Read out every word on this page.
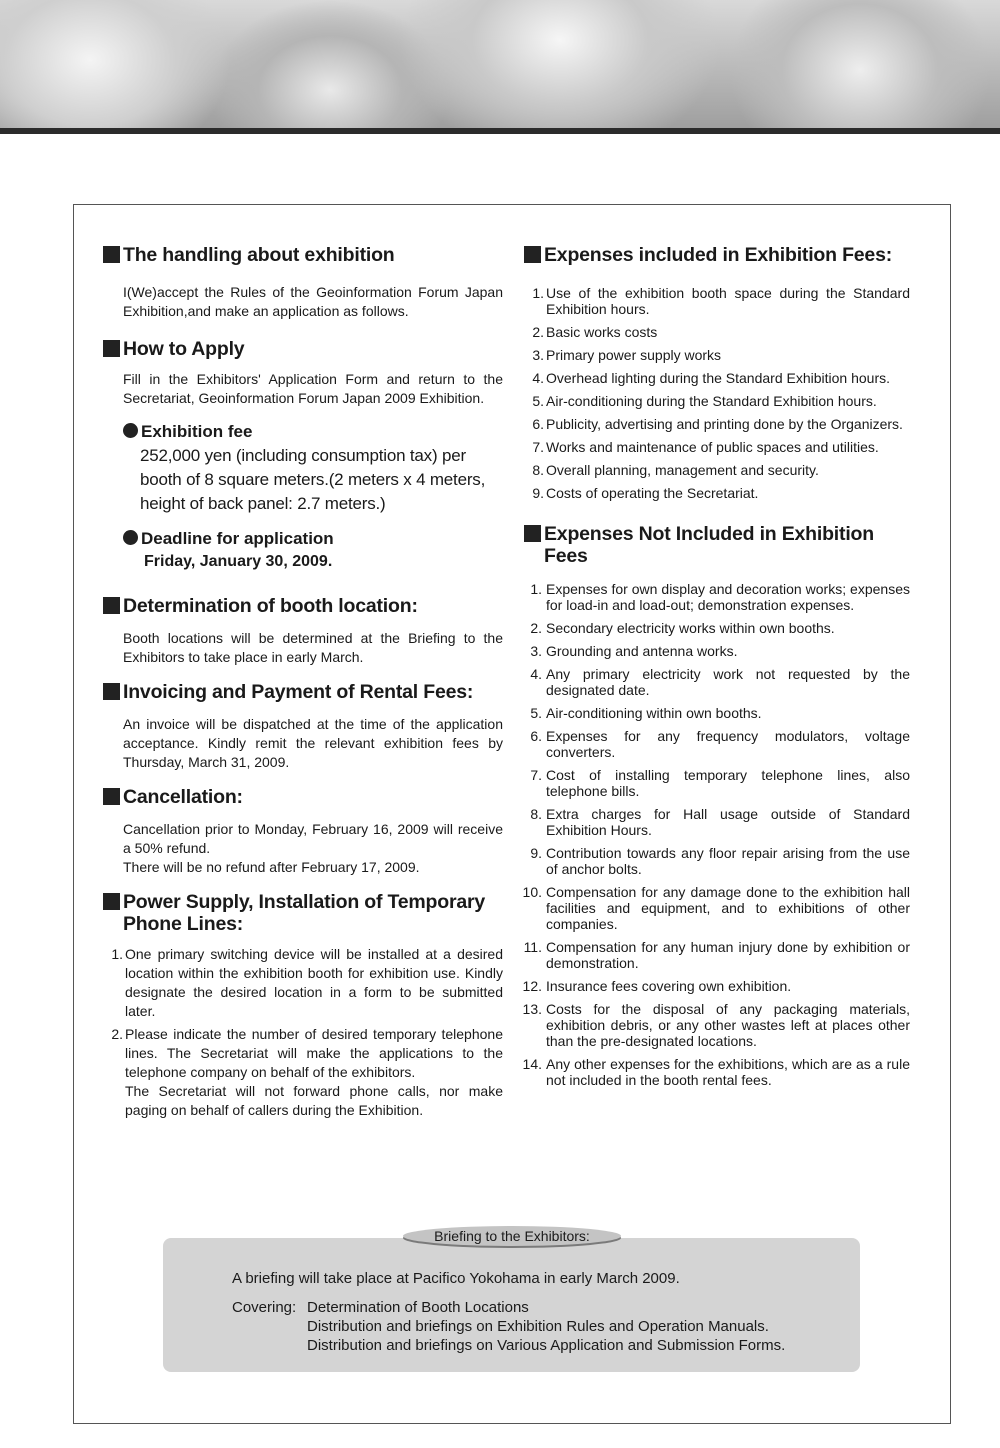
The handling about exhibition

I(We)accept the Rules of the Geoinformation Forum Japan Exhibition,and make an application as follows.

How to Apply

Fill in the Exhibitors' Application Form and return to the Secretariat, Geoinformation Forum Japan 2009 Exhibition.

Exhibition fee

252,000 yen (including consumption tax) per booth of 8 square meters.(2 meters x 4 meters, height of back panel: 2.7 meters.)

Deadline for application

Friday, January 30, 2009.

Determination of booth location:

Booth locations will be determined at the Briefing to the Exhibitors to take place in early March.

Invoicing and Payment of Rental Fees:

An invoice will be dispatched at the time of the application acceptance. Kindly remit the relevant exhibition fees by Thursday, March 31, 2009.

Cancellation:

Cancellation prior to Monday, February 16, 2009 will receive a 50% refund.

There will be no refund after February 17, 2009.

Power Supply, Installation of Temporary Phone Lines:
1. One primary switching device will be installed at a desired location within the exhibition booth for exhibition use. Kindly designate the desired location in a form to be submitted later.
2. Please indicate the number of desired temporary telephone lines. The Secretariat will make the applications to the telephone company on behalf of the exhibitors.
The Secretariat will not forward phone calls, nor make paging on behalf of callers during the Exhibition.
Expenses included in Exhibition Fees:
1. Use of the exhibition booth space during the Standard Exhibition hours.
2. Basic works costs
3. Primary power supply works
4. Overhead lighting during the Standard Exhibition hours.
5. Air-conditioning during the Standard Exhibition hours.
6. Publicity, advertising and printing done by the Organizers.
7. Works and maintenance of public spaces and utilities.
8. Overall planning, management and security.
9. Costs of operating the Secretariat.
Expenses Not Included in Exhibition Fees
1. Expenses for own display and decoration works; expenses for load-in and load-out; demonstration expenses.
2. Secondary electricity works within own booths.
3. Grounding and antenna works.
4. Any primary electricity work not requested by the designated date.
5. Air-conditioning within own booths.
6. Expenses for any frequency modulators, voltage converters.
7. Cost of installing temporary telephone lines, also telephone bills.
8. Extra charges for Hall usage outside of Standard Exhibition Hours.
9. Contribution towards any floor repair arising from the use of anchor bolts.
10. Compensation for any damage done to the exhibition hall facilities and equipment, and to exhibitions of other companies.
11. Compensation for any human injury done by exhibition or demonstration.
12. Insurance fees covering own exhibition.
13. Costs for the disposal of any packaging materials, exhibition debris, or any other wastes left at places other than the pre-designated locations.
14. Any other expenses for the exhibitions, which are as a rule not included in the booth rental fees.
Briefing to the Exhibitors:

A briefing will take place at Pacifico Yokohama in early March 2009.

Covering: Determination of Booth Locations
Distribution and briefings on Exhibition Rules and Operation Manuals.
Distribution and briefings on Various Application and Submission Forms.
